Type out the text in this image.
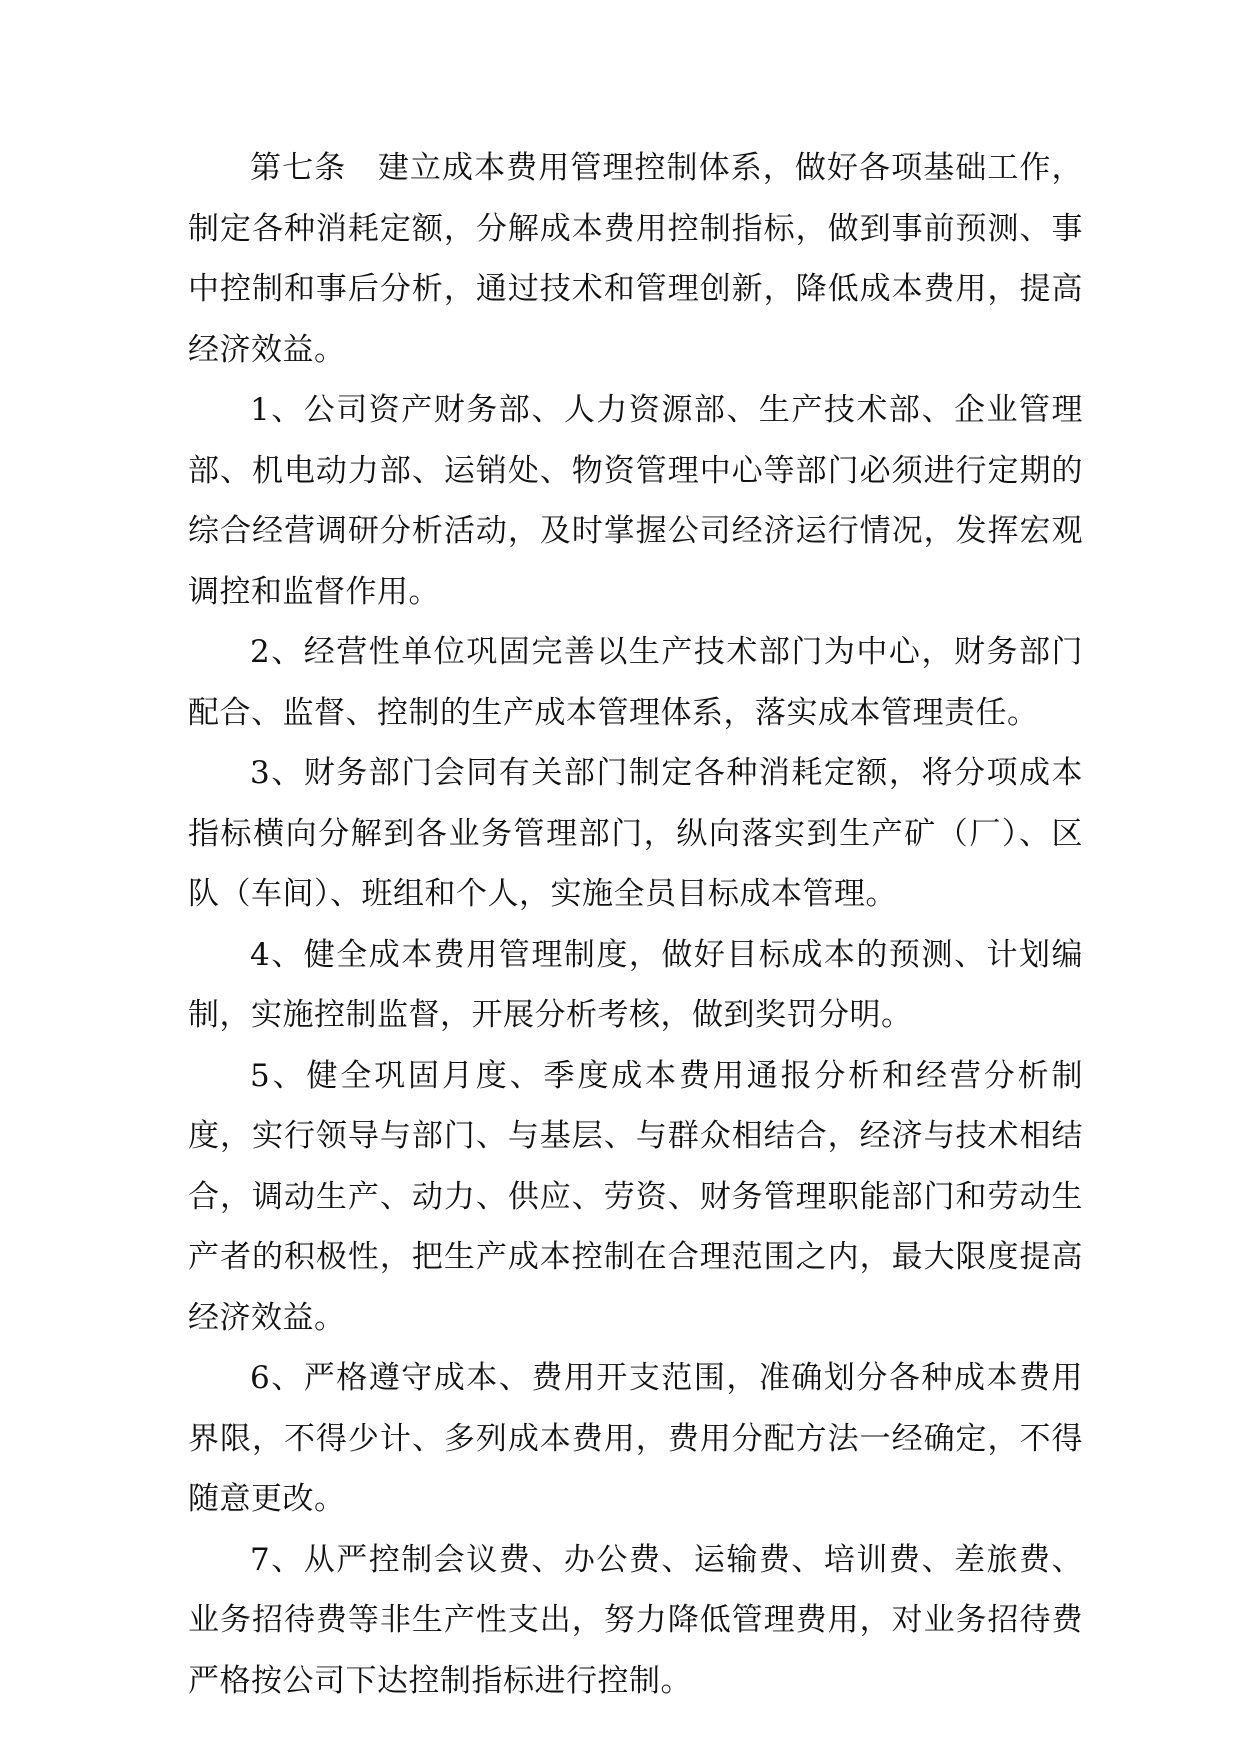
第七条 建立成本费用管理控制体系，做好各项基础工作，制定各种消耗定额，分解成本费用控制指标，做到事前预测、事中控制和事后分析，通过技术和管理创新，降低成本费用，提高经济效益。

1、公司资产财务部、人力资源部、生产技术部、企业管理部、机电动力部、运销处、物资管理中心等部门必须进行定期的综合经营调研分析活动，及时掌握公司经济运行情况，发挥宏观调控和监督作用。

2、经营性单位巩固完善以生产技术部门为中心，财务部门配合、监督、控制的生产成本管理体系，落实成本管理责任。

3、财务部门会同有关部门制定各种消耗定额，将分项成本指标横向分解到各业务管理部门，纵向落实到生产矿（厂）、区队（车间）、班组和个人，实施全员目标成本管理。

4、健全成本费用管理制度，做好目标成本的预测、计划编制，实施控制监督，开展分析考核，做到奖罚分明。

5、健全巩固月度、季度成本费用通报分析和经营分析制度，实行领导与部门、与基层、与群众相结合，经济与技术相结合，调动生产、动力、供应、劳资、财务管理职能部门和劳动生产者的积极性，把生产成本控制在合理范围之内，最大限度提高经济效益。

6、严格遵守成本、费用开支范围，准确划分各种成本费用界限，不得少计、多列成本费用，费用分配方法一经确定，不得随意更改。

7、从严控制会议费、办公费、运输费、培训费、差旅费、业务招待费等非生产性支出，努力降低管理费用，对业务招待费严格按公司下达控制指标进行控制。
